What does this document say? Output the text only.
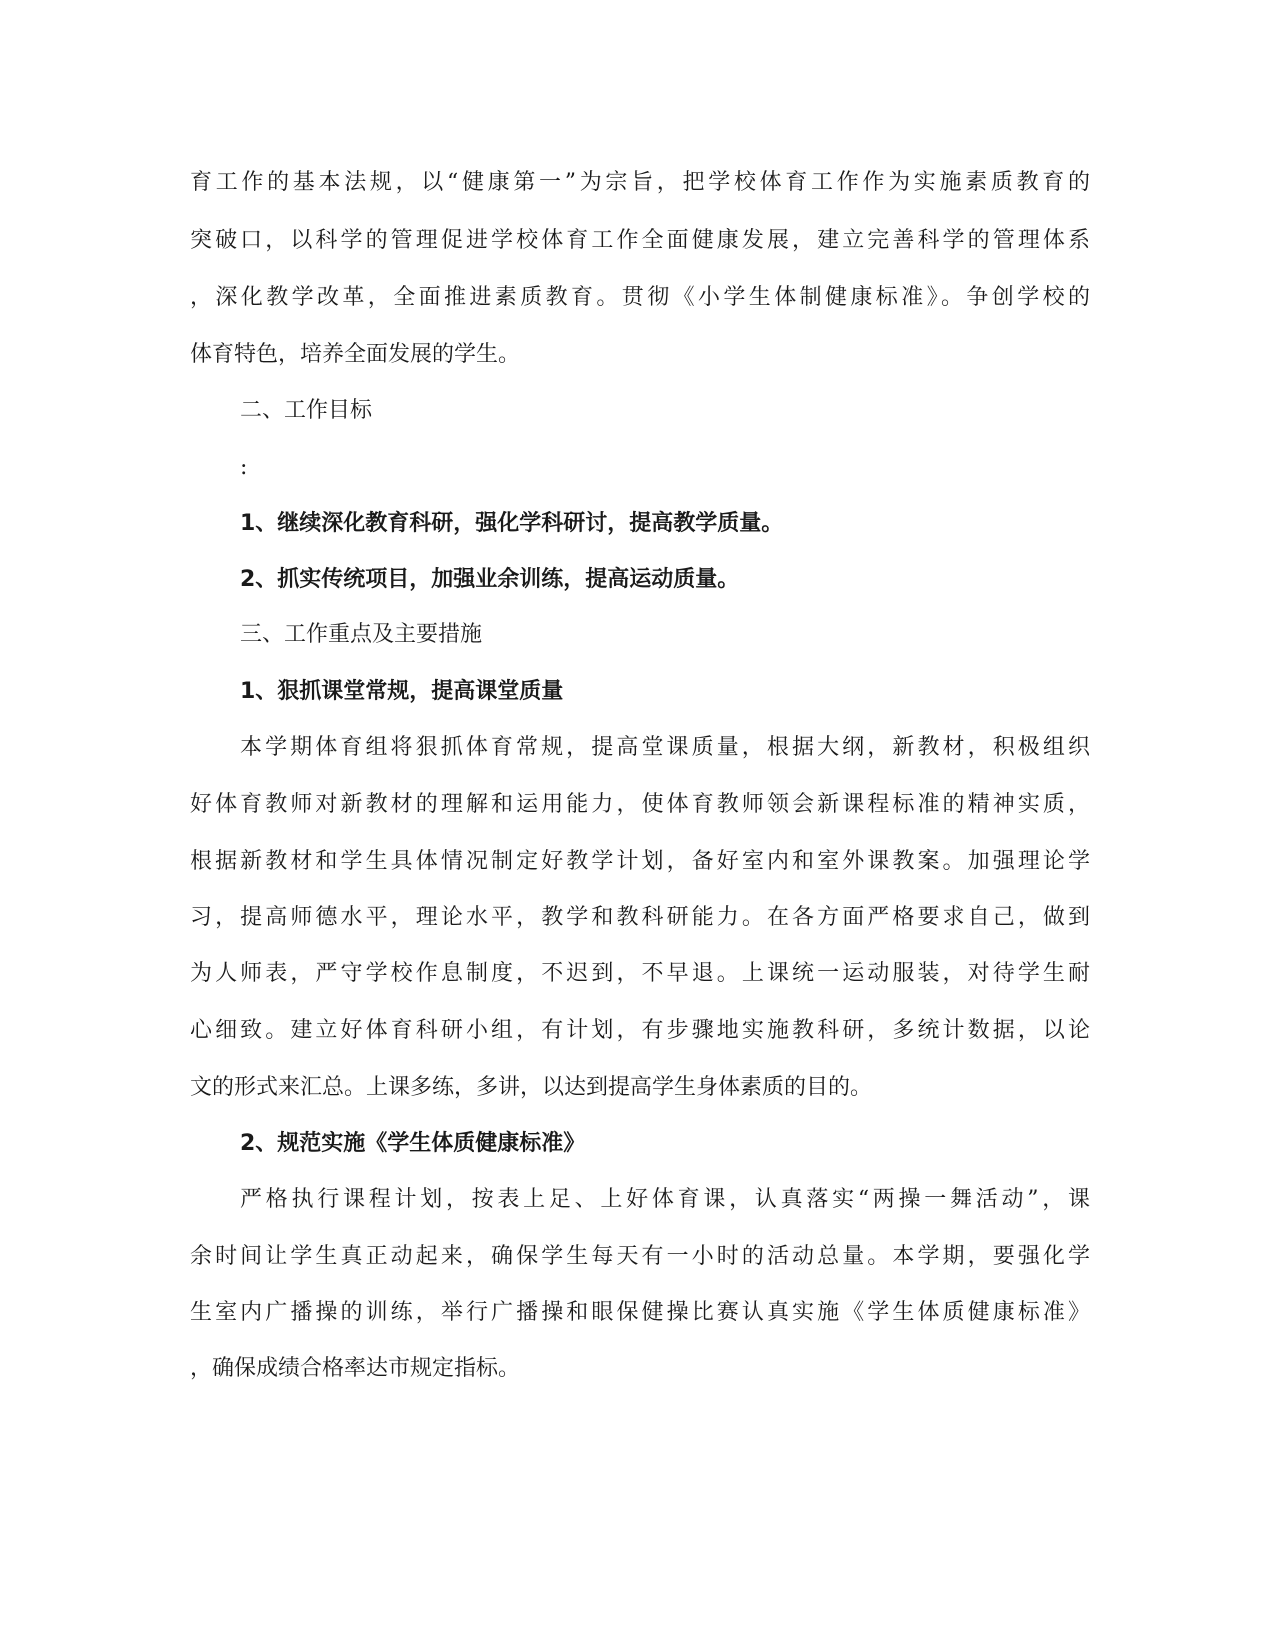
育工作的基本法规，以“健康第一”为宗旨，把学校体育工作作为实施素质教育的
突破口，以科学的管理促进学校体育工作全面健康发展，建立完善科学的管理体系
，深化教学改革，全面推进素质教育。贯彻《小学生体制健康标准》。争创学校的
体育特色，培养全面发展的学生。
二、工作目标
:
1、继续深化教育科研，强化学科研讨，提高教学质量。
2、抓实传统项目，加强业余训练，提高运动质量。
三、工作重点及主要措施
1、狠抓课堂常规，提高课堂质量
本学期体育组将狠抓体育常规，提高堂课质量，根据大纲，新教材，积极组织
好体育教师对新教材的理解和运用能力，使体育教师领会新课程标准的精神实质，
根据新教材和学生具体情况制定好教学计划，备好室内和室外课教案。加强理论学
习，提高师德水平，理论水平，教学和教科研能力。在各方面严格要求自己，做到
为人师表，严守学校作息制度，不迟到，不早退。上课统一运动服装，对待学生耐
心细致。建立好体育科研小组，有计划，有步骤地实施教科研，多统计数据，以论
文的形式来汇总。上课多练，多讲，以达到提高学生身体素质的目的。
2、规范实施《学生体质健康标准》
严格执行课程计划，按表上足、上好体育课，认真落实“两操一舞活动”，课
余时间让学生真正动起来，确保学生每天有一小时的活动总量。本学期，要强化学
生室内广播操的训练，举行广播操和眼保健操比赛认真实施《学生体质健康标准》
，确保成绩合格率达市规定指标。
